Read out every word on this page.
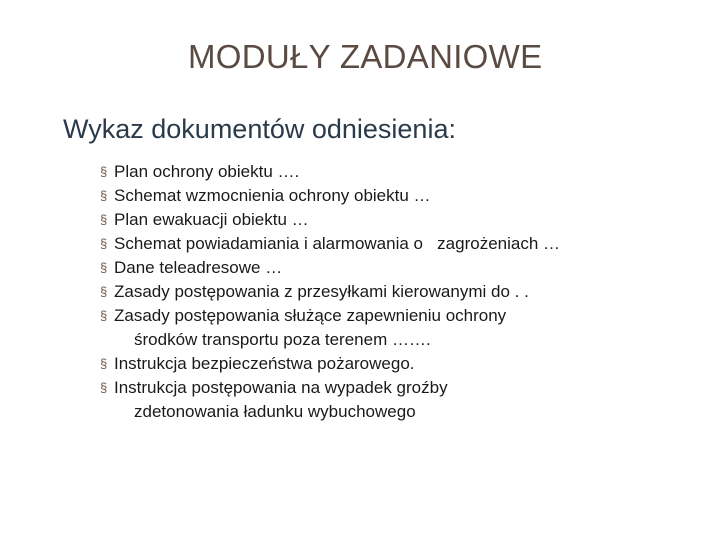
MODUŁY ZADANIOWE
Wykaz dokumentów odniesienia:
§ Plan ochrony obiektu ….
§ Schemat wzmocnienia ochrony obiektu …
§ Plan ewakuacji obiektu …
§ Schemat powiadamiania i alarmowania o   zagrożeniach …
§ Dane teleadresowe …
§ Zasady postępowania z przesyłkami kierowanymi do . .
§ Zasady postępowania służące zapewnieniu ochrony
środków transportu poza terenem …….
§ Instrukcja bezpieczeństwa pożarowego.
§ Instrukcja postępowania na wypadek groźby
zdetonowania ładunku wybuchowego
